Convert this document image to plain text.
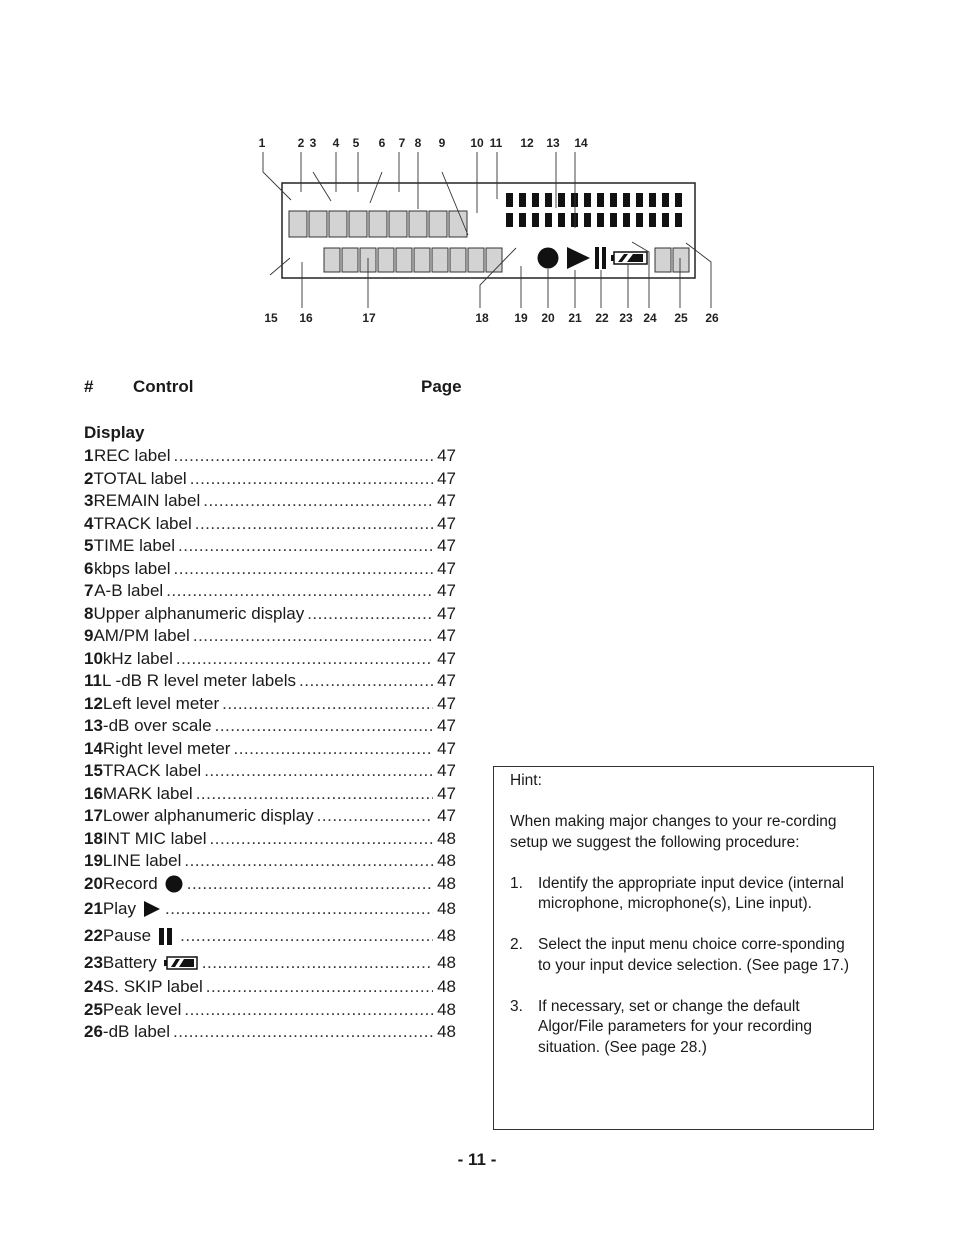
1	2 3 4 5 6 7 8 9 10 11 12 13 14
15 16	17	18 19 20 21 22 23 24 25 26
# Control	Page
Display
1 REC label .....	47
2 TOTAL label .....	47
3 REMAIN label .....	47
4 TRACK label .....	47
5 TIME label .....	47
6 kbps label .....	47
7 A-B label .....	47
8 Upper alphanumeric display .....	47
9 AM/PM label .....	47
10 kHz label .....	47
11 L -dB R level meter labels .....	47
12 Left level meter .....	47
13 -dB over scale .....	47
14 Right level meter .....	47
15 TRACK label .....	47
16 MARK label .....	47
17 Lower alphanumeric display .....	47
18 INT MIC label .....	48
19 LINE label .....	48
20 Record .....	48
21 Play .....	48
22 Pause .....	48
23 Battery .....	48
24 S. SKIP label .....	48
25 Peak level .....	48
26 -dB label .....	48
Hint:
When making major changes to your re-cording setup we suggest the following procedure:
1. Identify the appropriate input device (internal microphone, microphone(s), Line input).
2. Select the input menu choice corre-sponding to your input device selection. (See page 17.)
3. If necessary, set or change the default Algor/File parameters for your recording situation. (See page 28.)
- 11 -
